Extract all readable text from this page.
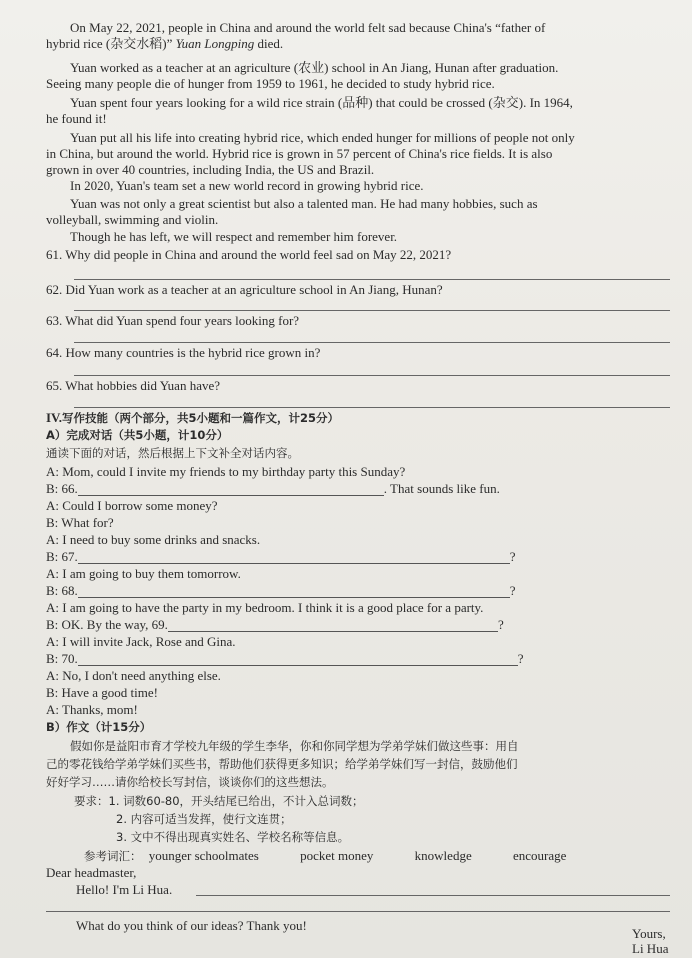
On May 22, 2021, people in China and around the world felt sad because China's “father of
hybrid rice (杂交水稻)” Yuan Longping died.
Yuan worked as a teacher at an agriculture (农业) school in An Jiang, Hunan after graduation.
Seeing many people die of hunger from 1959 to 1961, he decided to study hybrid rice.
Yuan spent four years looking for a wild rice strain (品种) that could be crossed (杂交). In 1964,
he found it!
Yuan put all his life into creating hybrid rice, which ended hunger for millions of people not only
in China, but around the world. Hybrid rice is grown in 57 percent of China's rice fields. It is also
grown in over 40 countries, including India, the US and Brazil.
In 2020, Yuan's team set a new world record in growing hybrid rice.
Yuan was not only a great scientist but also a talented man. He had many hobbies, such as
volleyball, swimming and violin.
Though he has left, we will respect and remember him forever.
61. Why did people in China and around the world feel sad on May 22, 2021?
62. Did Yuan work as a teacher at an agriculture school in An Jiang, Hunan?
63. What did Yuan spend four years looking for?
64. How many countries is the hybrid rice grown in?
65. What hobbies did Yuan have?
IV.写作技能（两个部分，共5小题和一篇作文，计25分）
A）完成对话（共5小题，计10分）
通读下面的对话，然后根据上下文补全对话内容。
A: Mom, could I invite my friends to my birthday party this Sunday?
B: 66.	. That sounds like fun.
A: Could I borrow some money?
B: What for?
A: I need to buy some drinks and snacks.
B: 67.	?
A: I am going to buy them tomorrow.
B: 68.	?
A: I am going to have the party in my bedroom. I think it is a good place for a party.
B: OK. By the way, 69.	?
A: I will invite Jack, Rose and Gina.
B: 70.	?
A: No, I don't need anything else.
B: Have a good time!
A: Thanks, mom!
B）作文（计15分）
假如你是益阳市育才学校九年级的学生李华，你和你同学想为学弟学妹们做这些事：用自
己的零花钱给学弟学妹们买些书，帮助他们获得更多知识；给学弟学妹们写一封信，鼓励他们
好好学习……请你给校长写封信，谈谈你们的这些想法。
要求：1. 词数60-80，开头结尾已给出，不计入总词数；
2. 内容可适当发挥，使行文连贯；
3. 文中不得出现真实姓名、学校名称等信息。
参考词汇： younger schoolmates	pocket money	knowledge	encourage
Dear headmaster,
Hello! I'm Li Hua.
What do you think of our ideas? Thank you!
Yours,
Li Hua
